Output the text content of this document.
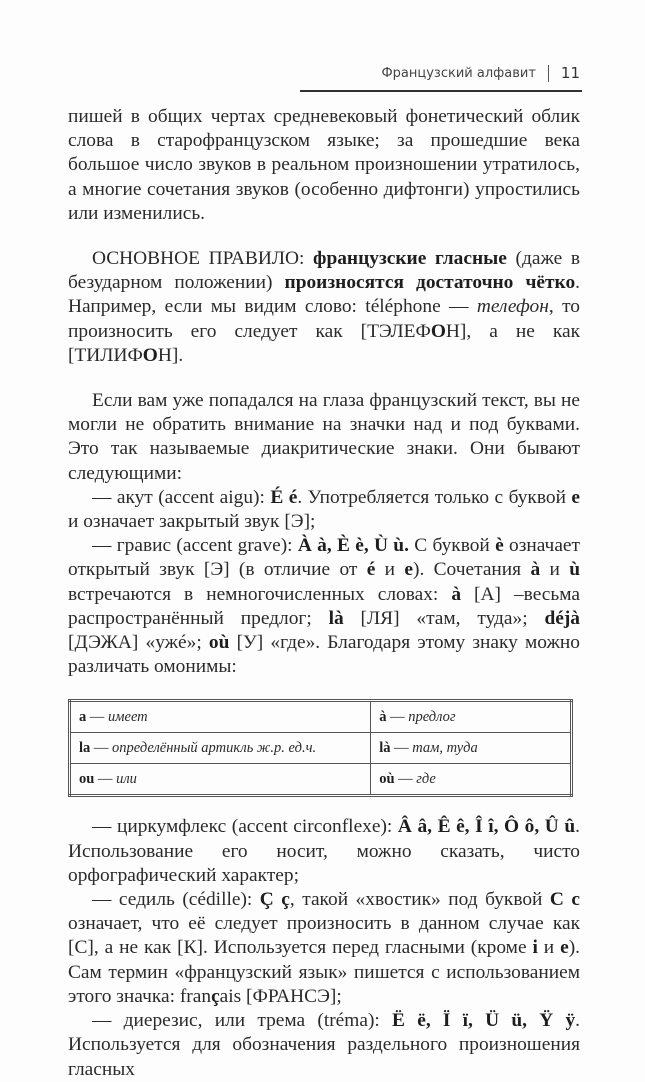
Французский алфавит 11

пишей в общих чертах средневековый фонетический облик слова в старофранцузском языке; за прошедшие века большое число звуков в реальном произношении утратилось, а многие сочетания звуков (особенно дифтонги) упростились или изменились.

ОСНОВНОЕ ПРАВИЛО: французские гласные (даже в безударном положении) произносятся достаточно чётко. Например, если мы видим слово: téléphone — телефон, то произносить его следует как [ТЭЛЕФОН], а не как [ТИЛИФОН].

Если вам уже попадался на глаза французский текст, вы не могли не обратить внимание на значки над и под буквами. Это так называемые диакритические знаки. Они бывают следующими:

— акут (accent aigu): É é. Употребляется только с буквой e и означает закрытый звук [Э];

— гравис (accent grave): À à, È è, Ù ù. С буквой è означает открытый звук [Э] (в отличие от é и e). Сочетания à и ù встречаются в немногочисленных словах: à [А] –весьма распространённый предлог; là [ЛЯ] «там, туда»; déjà [ДЭЖА] «ужé»; où [У] «где». Благодаря этому знаку можно различать омонимы:

a — имеет	à — предлог
la — определённый артикль ж.р. ед.ч.	là — там, туда
ou — или	où — где

— циркумфлекс (accent circonflexe): Â â, Ê ê, Î î, Ô ô, Û û. Использование его носит, можно сказать, чисто орфографический характер;

— седиль (cédille): Ç ç, такой «хвостик» под буквой C c означает, что её следует произносить в данном случае как [С], а не как [К]. Используется перед гласными (кроме i и e). Сам термин «французский язык» пишется с использованием этого значка: français [ФРАНСЭ];

— диерезис, или трема (tréma): Ë ë, Ï ï, Ü ü, Ÿ ÿ. Используется для обозначения раздельного произношения гласных
